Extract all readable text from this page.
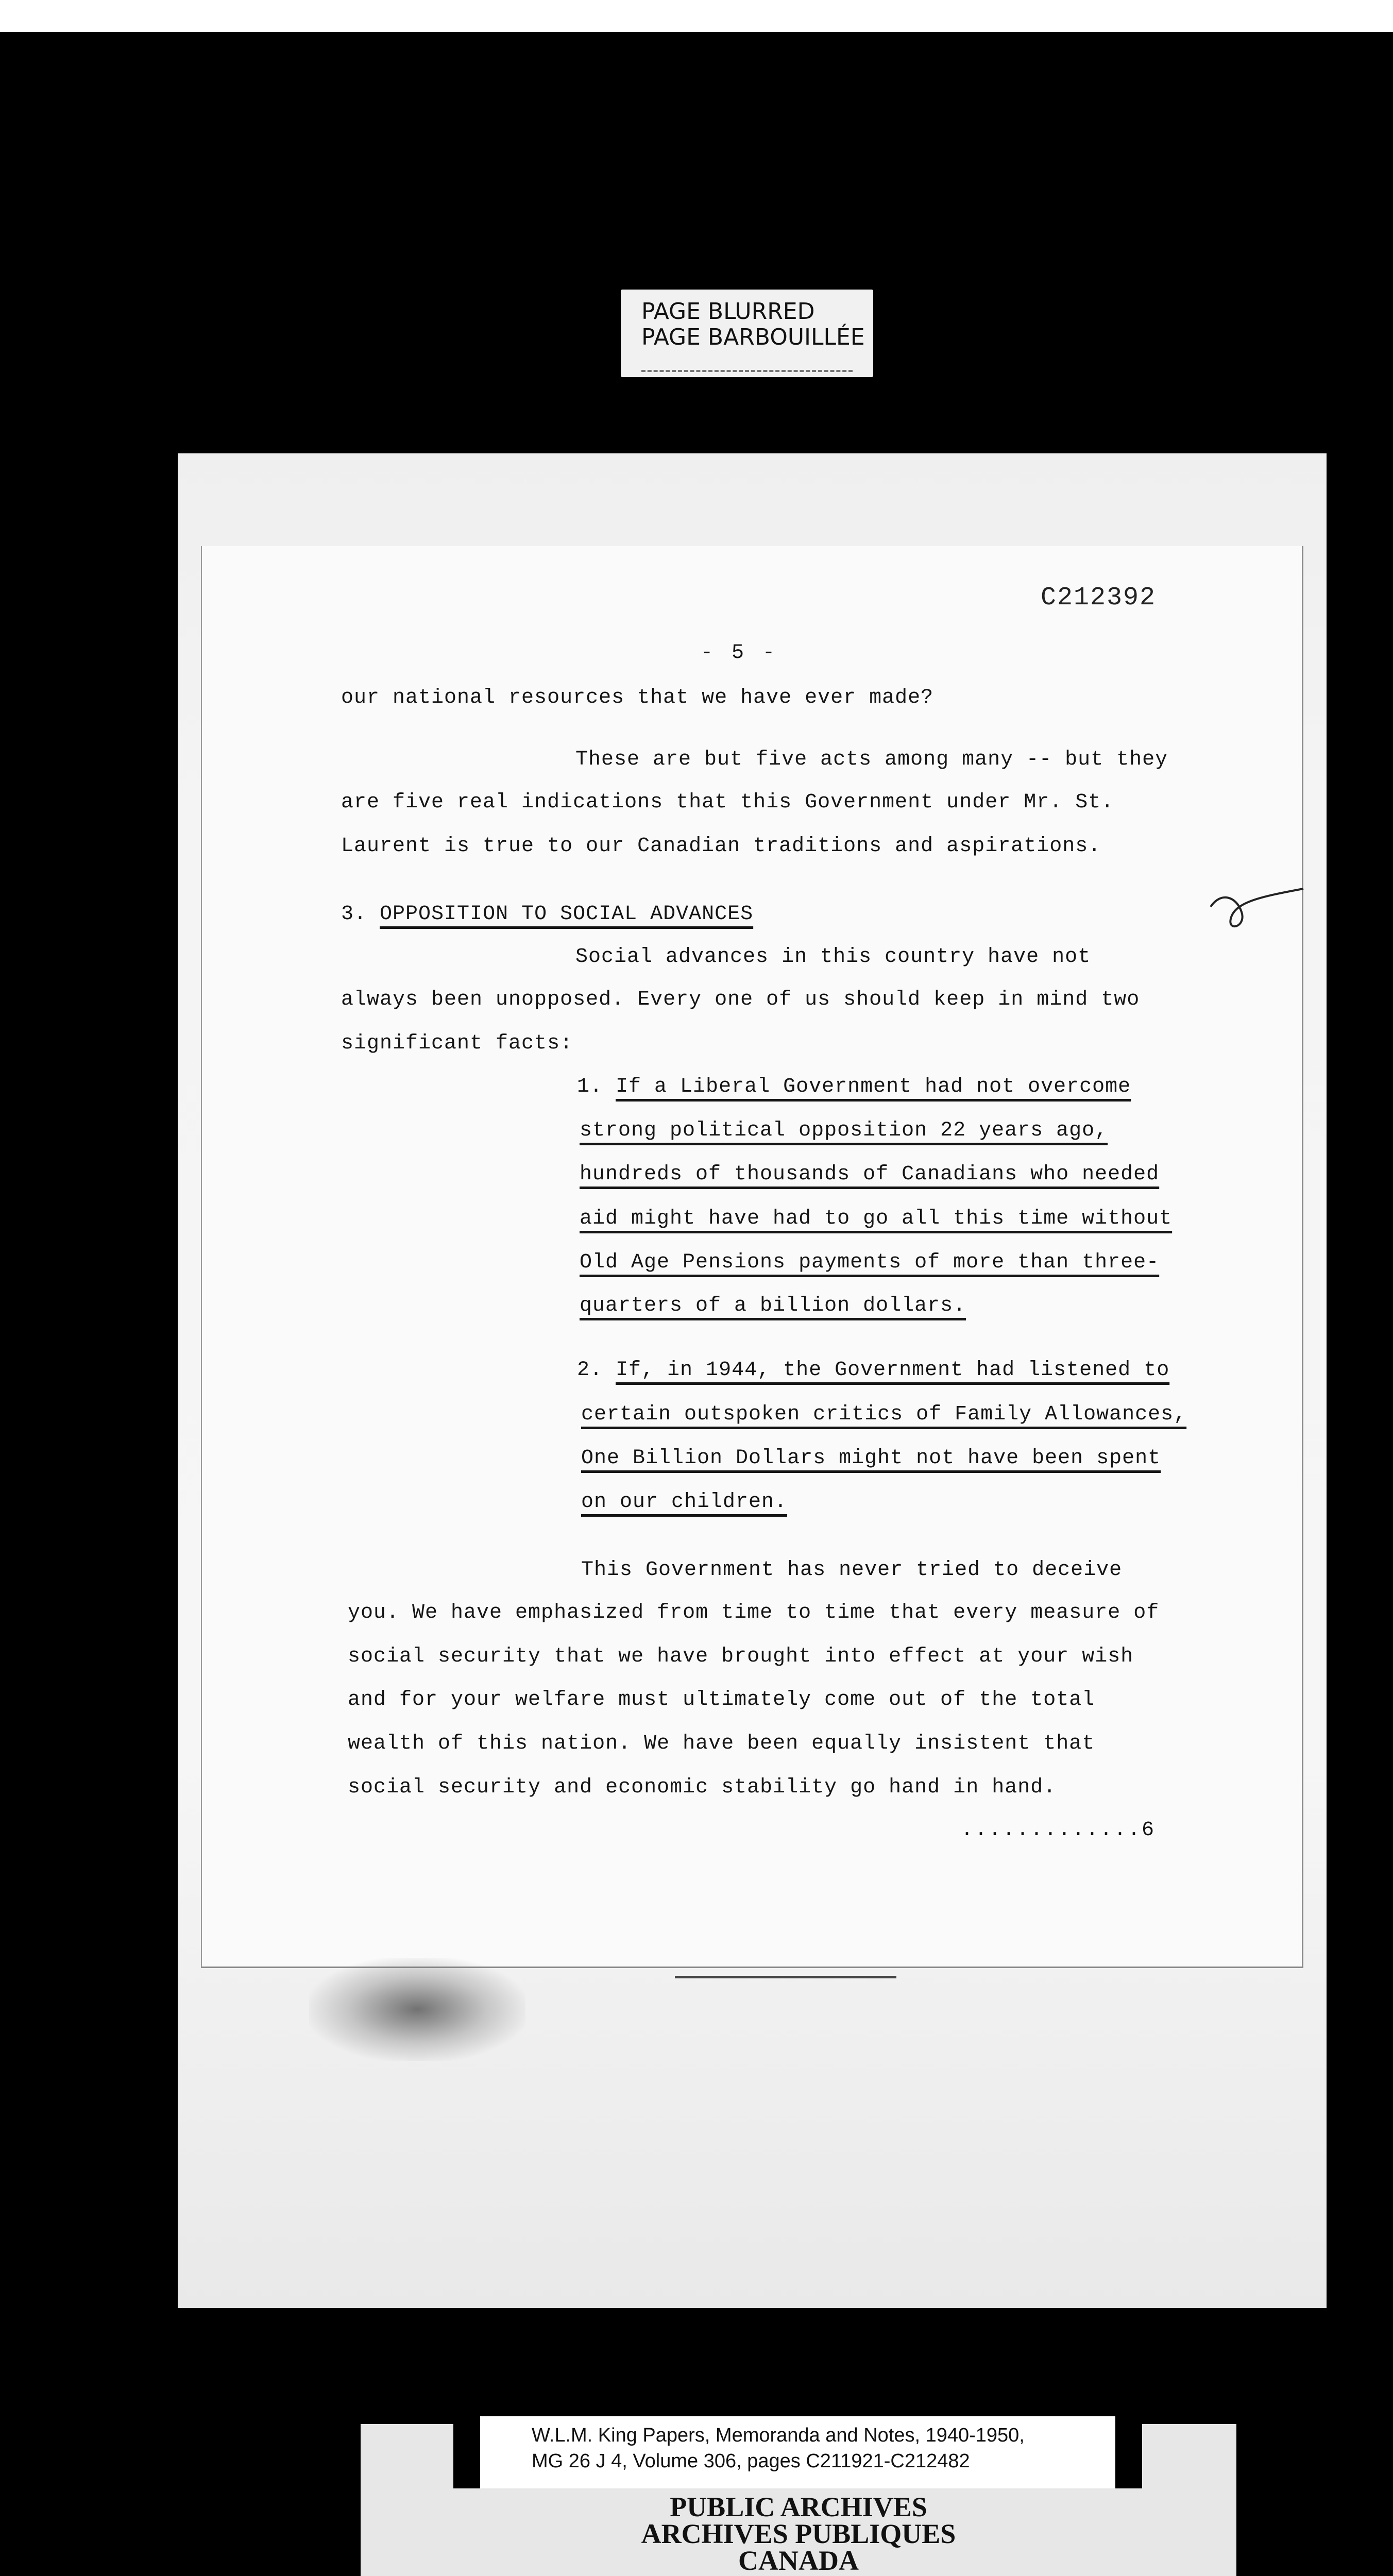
PAGE BLURRED
PAGE BARBOUILLÉE
C212392
- 5 -
our national resources that we have ever made?
These are but five acts among many -- but they
are five real indications that this Government under Mr. St.
Laurent is true to our Canadian traditions and aspirations.
3. OPPOSITION TO SOCIAL ADVANCES
Social advances in this country have not
always been unopposed. Every one of us should keep in mind two
significant facts:
1. If a Liberal Government had not overcome
strong political opposition 22 years ago,
hundreds of thousands of Canadians who needed
aid might have had to go all this time without
Old Age Pensions payments of more than three-
quarters of a billion dollars.
2. If, in 1944, the Government had listened to
certain outspoken critics of Family Allowances,
One Billion Dollars might not have been spent
on our children.
This Government has never tried to deceive
you. We have emphasized from time to time that every measure of
social security that we have brought into effect at your wish
and for your welfare must ultimately come out of the total
wealth of this nation. We have been equally insistent that
social security and economic stability go hand in hand.
.............6
W.L.M. King Papers, Memoranda and Notes, 1940-1950,
MG 26 J 4, Volume 306, pages C211921-C212482
PUBLIC ARCHIVES
ARCHIVES PUBLIQUES
CANADA
